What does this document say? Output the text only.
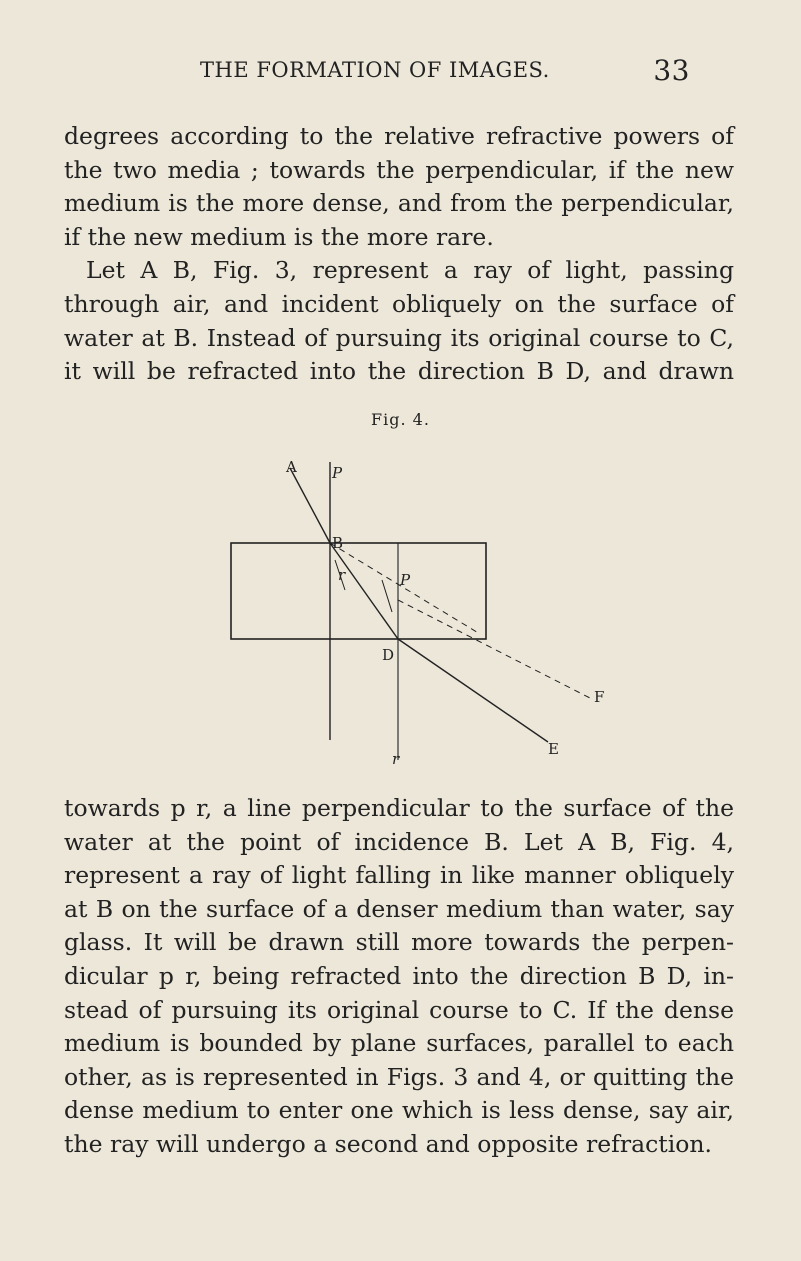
THE FORMATION OF IMAGES.	33
degrees according to the relative refractive powers of
the two media ; towards the perpendicular, if the new
medium is the more dense, and from the perpendicular,
if the new medium is the more rare.
Let A B, Fig. 3, represent a ray of light, passing
through air, and incident obliquely on the surface of
water at B. Instead of pursuing its original course to C,
it will be refracted into the direction B D, and drawn
Fig. 4.
A P
B
r	P
D
F
r
E
towards p r, a line perpendicular to the surface of the
water at the point of incidence B. Let A B, Fig. 4,
represent a ray of light falling in like manner obliquely
at B on the surface of a denser medium than water, say
glass. It will be drawn still more towards the perpen-
dicular p r, being refracted into the direction B D, in-
stead of pursuing its original course to C. If the dense
medium is bounded by plane surfaces, parallel to each
other, as is represented in Figs. 3 and 4, or quitting the
dense medium to enter one which is less dense, say air,
the ray will undergo a second and opposite refraction.
